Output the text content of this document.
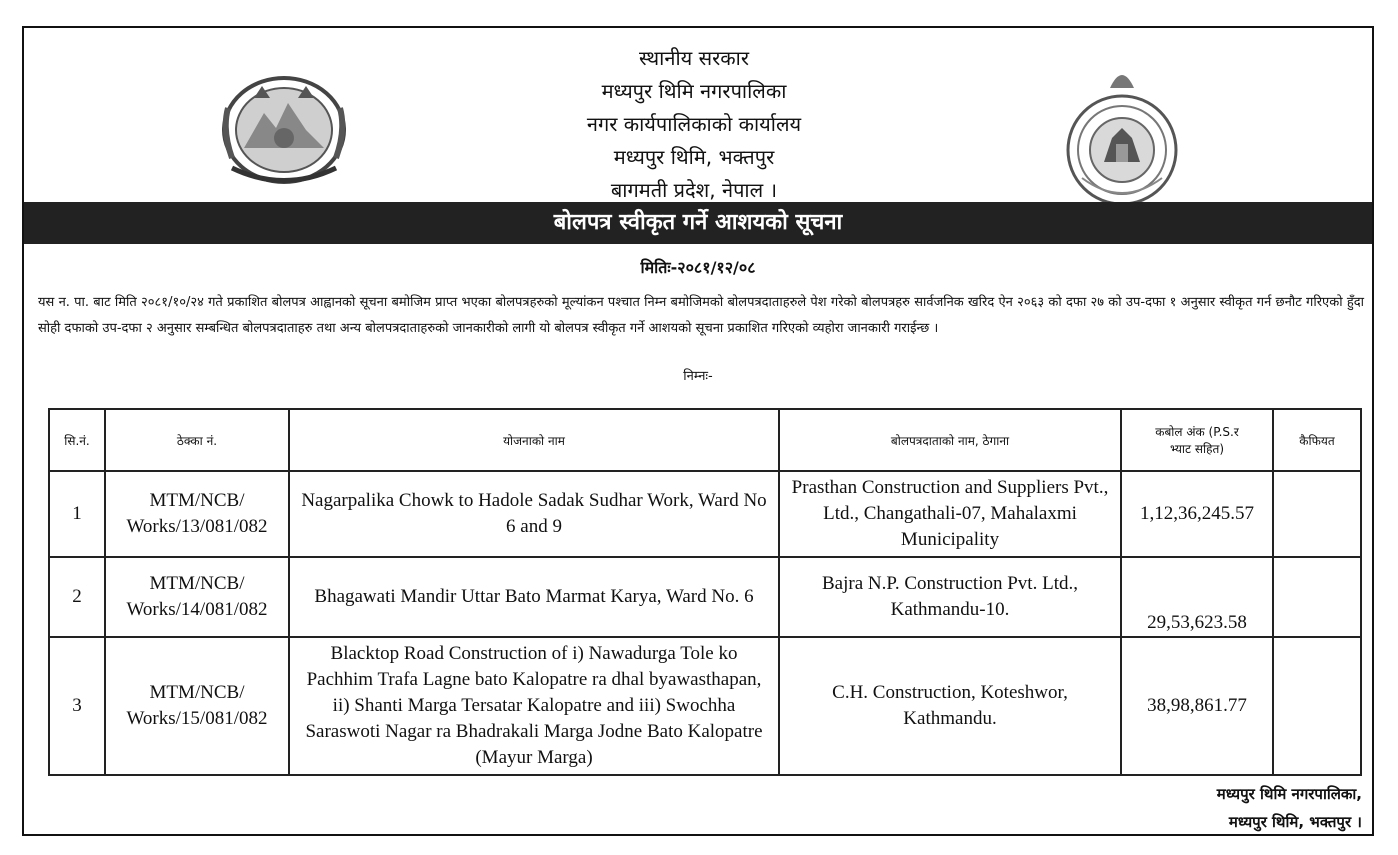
स्थानीय सरकार
मध्यपुर थिमि नगरपालिका
नगर कार्यपालिकाको कार्यालय
मध्यपुर थिमि, भक्तपुर
बागमती प्रदेश, नेपाल ।
बोलपत्र स्वीकृत गर्ने आशयको सूचना
मितिः-२०८१/१२/०८
यस न. पा. बाट मिति २०८१/१०/२४ गते प्रकाशित बोलपत्र आह्वानको सूचना बमोजिम प्राप्त भएका बोलपत्रहरुको मूल्यांकन पश्चात निम्न बमोजिमको बोलपत्रदाताहरुले पेश गरेको बोलपत्रहरु सार्वजनिक खरिद ऐन २०६३ को दफा २७ को उप-दफा १ अनुसार स्वीकृत गर्न छनौट गरिएको हुँदा सोही दफाको उप-दफा २ अनुसार सम्बन्धित बोलपत्रदाताहरु तथा अन्य बोलपत्रदाताहरुको जानकारीको लागी यो बोलपत्र स्वीकृत गर्ने आशयको सूचना प्रकाशित गरिएको व्यहोरा जानकारी गराईन्छ ।
निम्नः-
सि.नं.	ठेक्का नं.	योजनाको नाम	बोलपत्रदाताको नाम, ठेगाना	कबोल अंक (P.S.र
भ्याट सहित)	कैफियत
1	MTM/NCB/
Works/13/081/082	Nagarpalika Chowk to Hadole Sadak Sudhar Work, Ward No 6 and 9	Prasthan Construction and Suppliers Pvt., Ltd., Changathali-07, Mahalaxmi Municipality	1,12,36,245.57	
2	MTM/NCB/
Works/14/081/082	Bhagawati Mandir Uttar Bato Marmat Karya, Ward No. 6	Bajra N.P. Construction Pvt. Ltd., Kathmandu-10.	29,53,623.58	
3	MTM/NCB/
Works/15/081/082	Blacktop Road Construction of i) Nawadurga Tole ko Pachhim Trafa Lagne bato Kalopatre ra dhal byawasthapan, ii) Shanti Marga Tersatar Kalopatre and iii) Swochha Saraswoti Nagar ra Bhadrakali Marga Jodne Bato Kalopatre (Mayur Marga)	C.H. Construction, Koteshwor, Kathmandu.	38,98,861.77	
मध्यपुर थिमि नगरपालिका,
मध्यपुर थिमि, भक्तपुर ।
